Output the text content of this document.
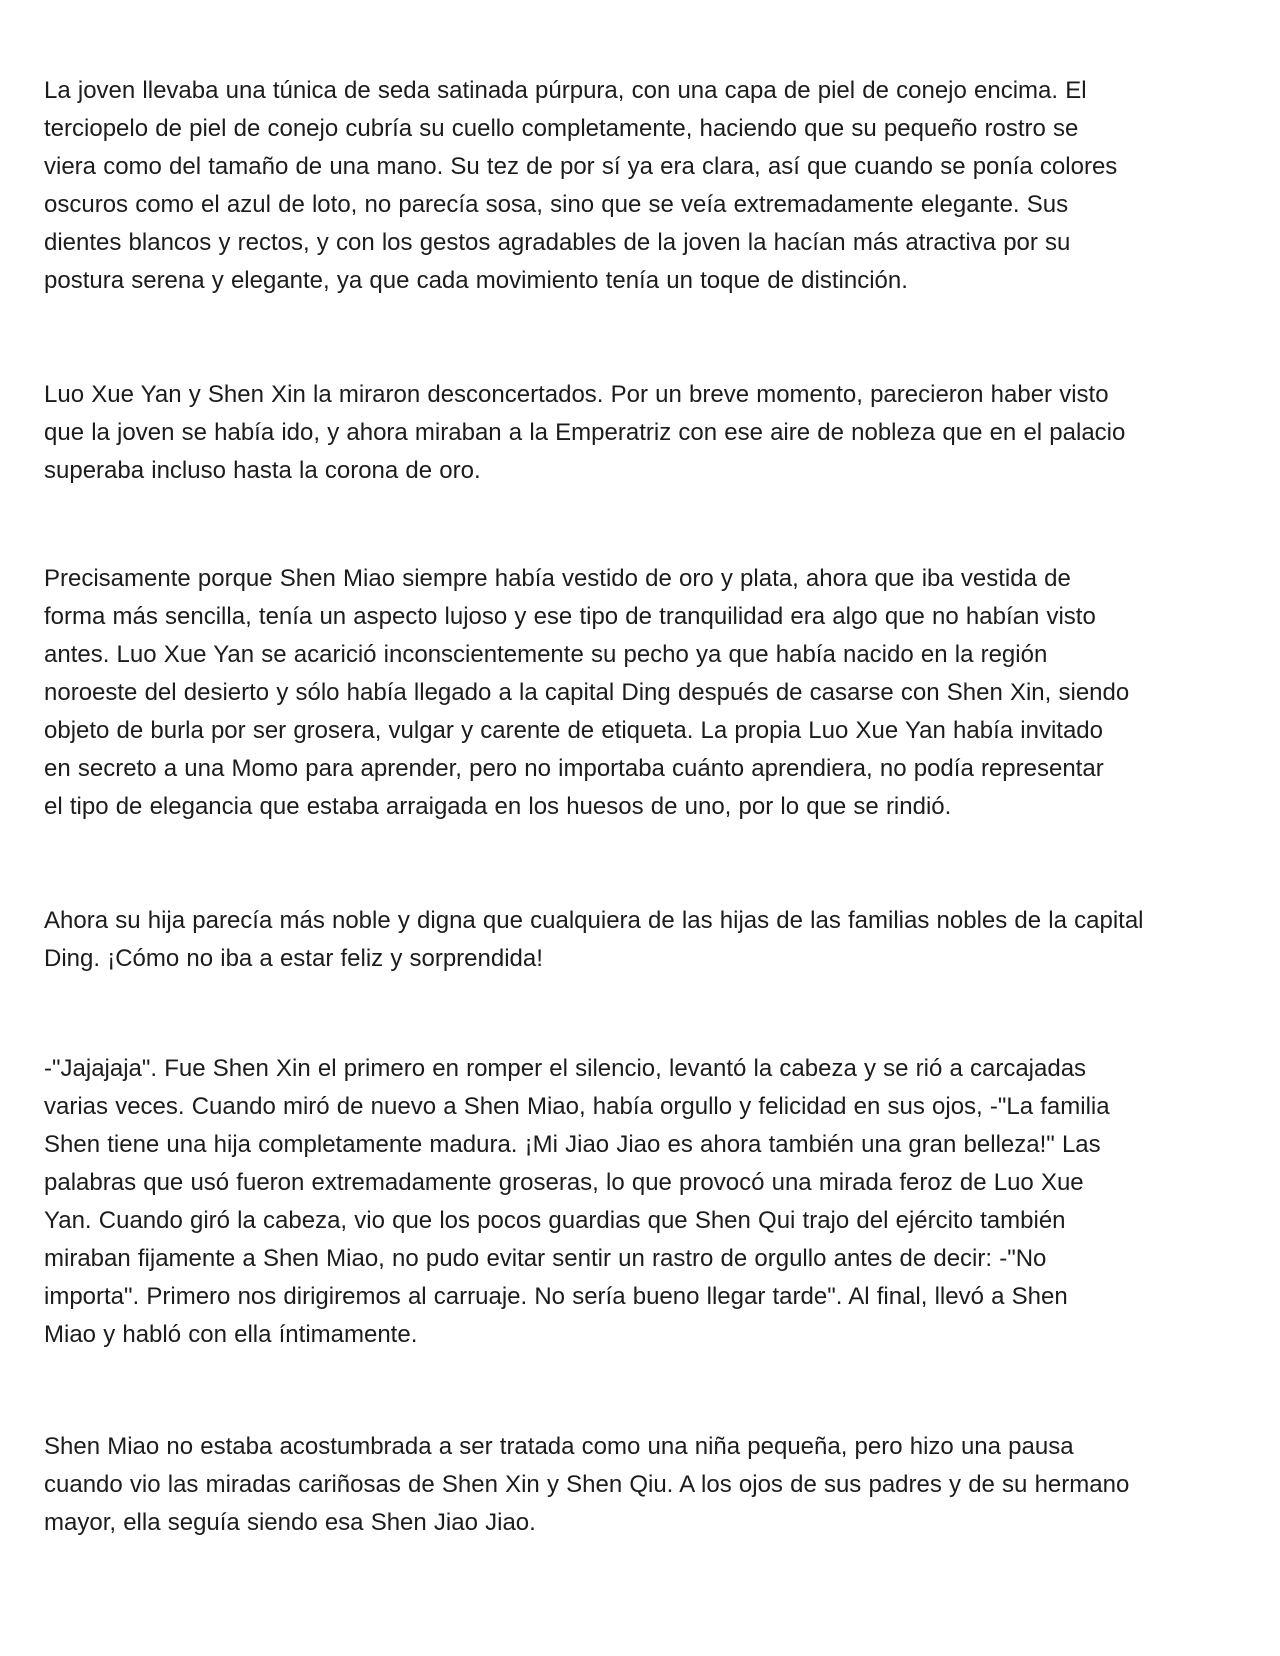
La joven llevaba una túnica de seda satinada púrpura, con una capa de piel de conejo encima. El
terciopelo de piel de conejo cubría su cuello completamente, haciendo que su pequeño rostro se
viera como del tamaño de una mano. Su tez de por sí ya era clara, así que cuando se ponía colores
oscuros como el azul de loto, no parecía sosa, sino que se veía extremadamente elegante. Sus
dientes blancos y rectos, y con los gestos agradables de la joven la hacían más atractiva por su
postura serena y elegante, ya que cada movimiento tenía un toque de distinción.

Luo Xue Yan y Shen Xin la miraron desconcertados. Por un breve momento, parecieron haber visto
que la joven se había ido, y ahora miraban a la Emperatriz con ese aire de nobleza que en el palacio
superaba incluso hasta la corona de oro.

Precisamente porque Shen Miao siempre había vestido de oro y plata, ahora que iba vestida de
forma más sencilla, tenía un aspecto lujoso y ese tipo de tranquilidad era algo que no habían visto
antes. Luo Xue Yan se acarició inconscientemente su pecho ya que había nacido en la región
noroeste del desierto y sólo había llegado a la capital Ding después de casarse con Shen Xin, siendo
objeto de burla por ser grosera, vulgar y carente de etiqueta. La propia Luo Xue Yan había invitado
en secreto a una Momo para aprender, pero no importaba cuánto aprendiera, no podía representar
el tipo de elegancia que estaba arraigada en los huesos de uno, por lo que se rindió.

Ahora su hija parecía más noble y digna que cualquiera de las hijas de las familias nobles de la capital
Ding. ¡Cómo no iba a estar feliz y sorprendida!

-"Jajajaja". Fue Shen Xin el primero en romper el silencio, levantó la cabeza y se rió a carcajadas
varias veces. Cuando miró de nuevo a Shen Miao, había orgullo y felicidad en sus ojos, -"La familia
Shen tiene una hija completamente madura. ¡Mi Jiao Jiao es ahora también una gran belleza!" Las
palabras que usó fueron extremadamente groseras, lo que provocó una mirada feroz de Luo Xue
Yan. Cuando giró la cabeza, vio que los pocos guardias que Shen Qui trajo del ejército también
miraban fijamente a Shen Miao, no pudo evitar sentir un rastro de orgullo antes de decir: -"No
importa". Primero nos dirigiremos al carruaje. No sería bueno llegar tarde". Al final, llevó a Shen
Miao y habló con ella íntimamente.

Shen Miao no estaba acostumbrada a ser tratada como una niña pequeña, pero hizo una pausa
cuando vio las miradas cariñosas de Shen Xin y Shen Qiu. A los ojos de sus padres y de su hermano
mayor, ella seguía siendo esa Shen Jiao Jiao.
